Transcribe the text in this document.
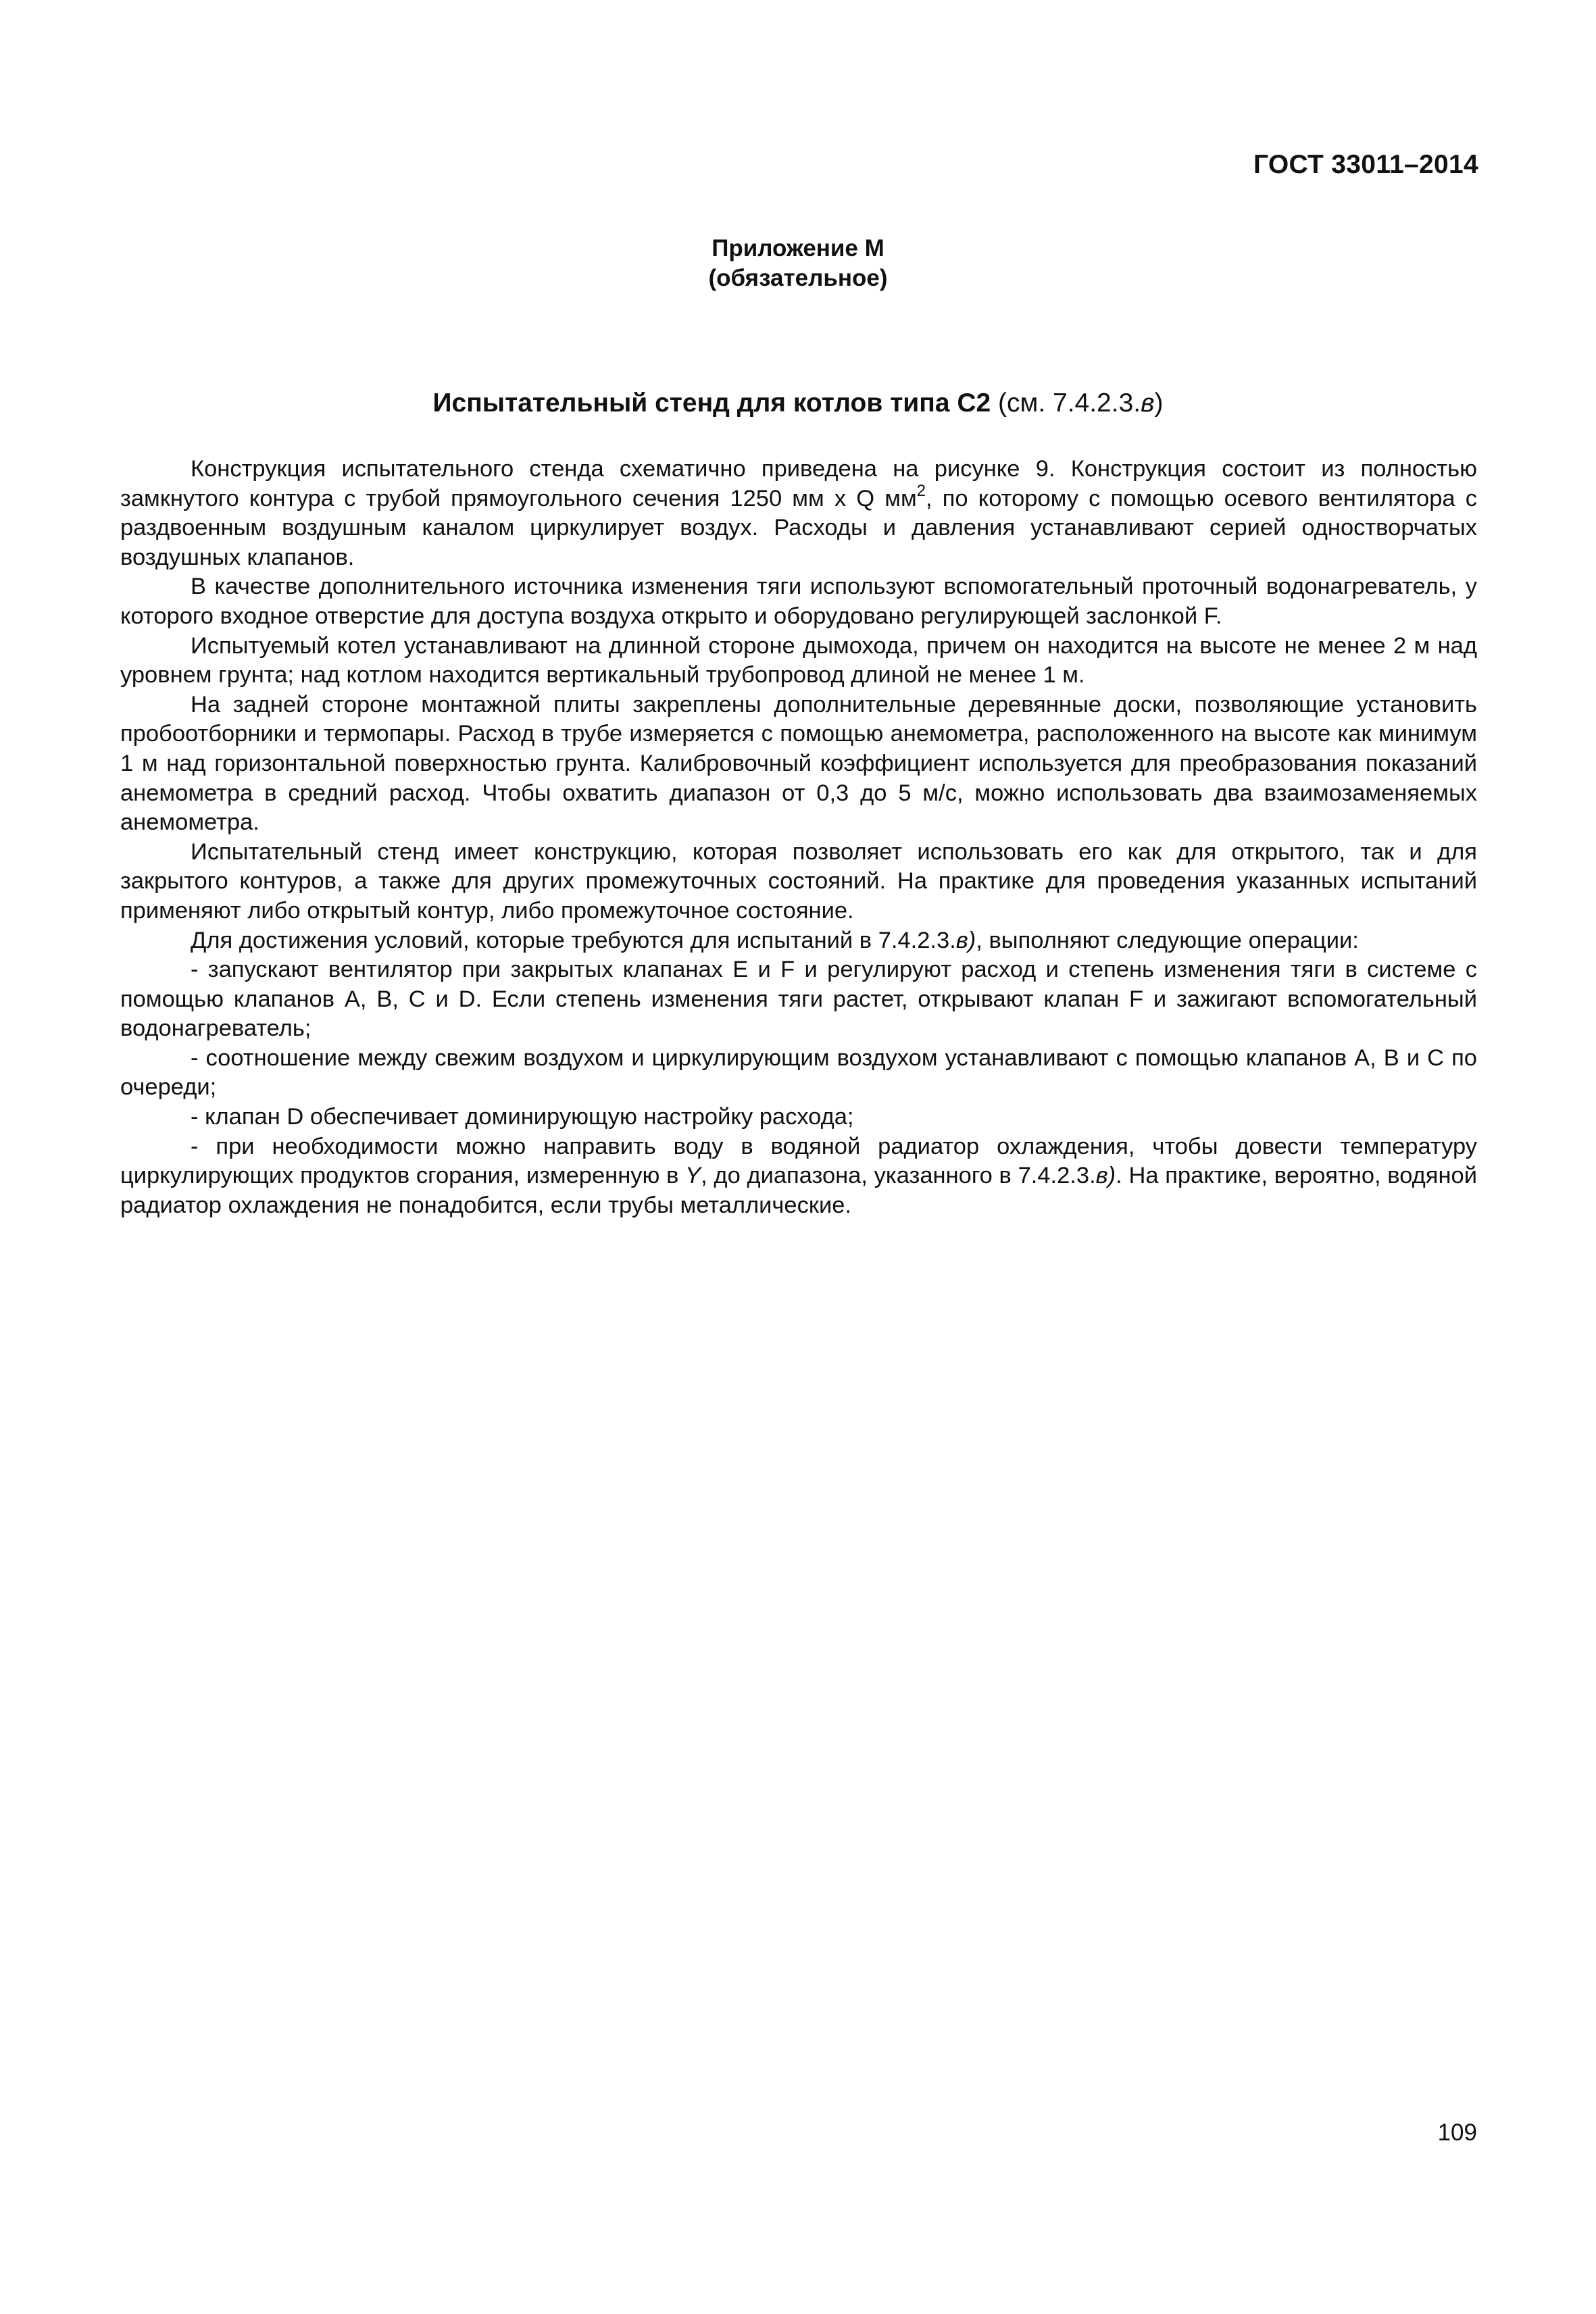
ГОСТ 33011–2014
Приложение М
(обязательное)
Испытательный стенд для котлов типа С2 (см. 7.4.2.3.в)

Конструкция испытательного стенда схематично приведена на рисунке 9. Конструкция состоит из полностью замкнутого контура с трубой прямоугольного сечения 1250 мм х Q $мм^2$, по которому с помощью осевого вентилятора с раздвоенным воздушным каналом циркулирует воздух. Расходы и давления устанавливают серией одностворчатых воздушных клапанов.

В качестве дополнительного источника изменения тяги используют вспомогательный проточный водонагреватель, у которого входное отверстие для доступа воздуха открыто и оборудовано регулирующей заслонкой F.

Испытуемый котел устанавливают на длинной стороне дымохода, причем он находится на высоте не менее 2 м над уровнем грунта; над котлом находится вертикальный трубопровод длиной не менее 1 м.

На задней стороне монтажной плиты закреплены дополнительные деревянные доски, позволяющие установить пробоотборники и термопары. Расход в трубе измеряется с помощью анемометра, расположенного на высоте как минимум 1 м над горизонтальной поверхностью грунта. Калибровочный коэффициент используется для преобразования показаний анемометра в средний расход. Чтобы охватить диапазон от 0,3 до 5 м/с, можно использовать два взаимозаменяемых анемометра.

Испытательный стенд имеет конструкцию, которая позволяет использовать его как для открытого, так и для закрытого контуров, а также для других промежуточных состояний. На практике для проведения указанных испытаний применяют либо открытый контур, либо промежуточное состояние.

Для достижения условий, которые требуются для испытаний в 7.4.2.3.в), выполняют следующие операции:

- запускают вентилятор при закрытых клапанах E и F и регулируют расход и степень изменения тяги в системе с помощью клапанов A, B, C и D. Если степень изменения тяги растет, открывают клапан F и зажигают вспомогательный водонагреватель;

- соотношение между свежим воздухом и циркулирующим воздухом устанавливают с помощью клапанов A, B и C по очереди;

- клапан D обеспечивает доминирующую настройку расхода;

- при необходимости можно направить воду в водяной радиатор охлаждения, чтобы довести температуру циркулирующих продуктов сгорания, измеренную в Y, до диапазона, указанного в 7.4.2.3.в). На практике, вероятно, водяной радиатор охлаждения не понадобится, если трубы металлические.

109
